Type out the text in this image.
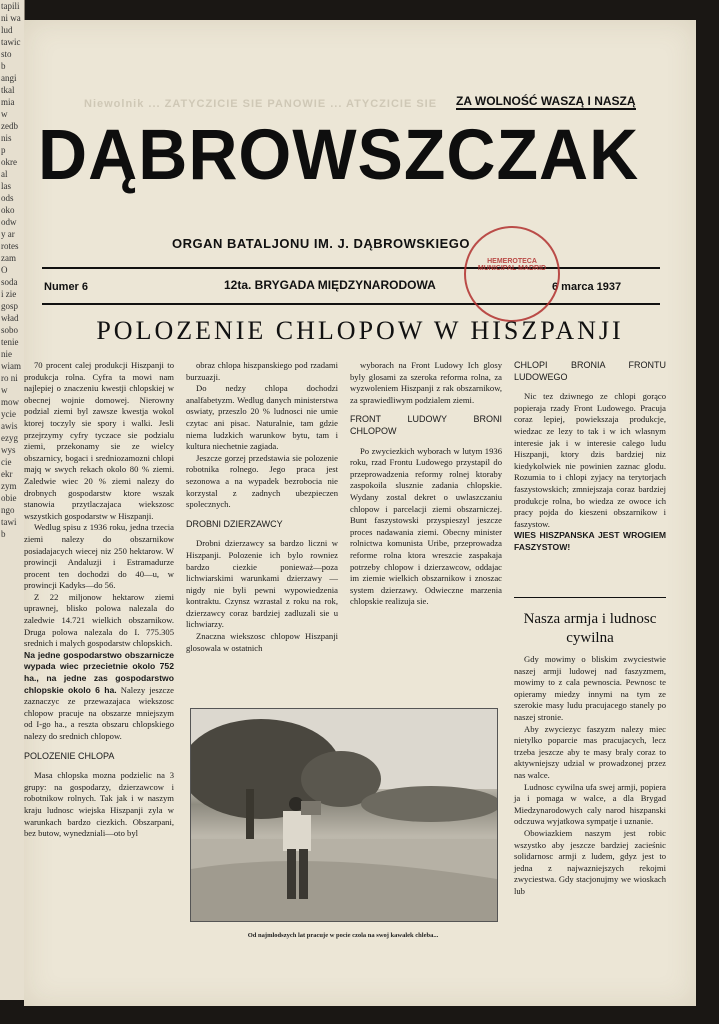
tapili
ni wa
lud
tawic
sto
b
angi
tkal
mia
w
zedb
nis
p
okre
al
las
ods
oko
odw
y ar
rotes
zam
O
soda
i zie
gosp
wład
sobo
tenie
nie
wiam
ro ni
w
mow
ycie
awis
ezyg
wys
cie
ekr
zym
obie
ngo
tawi
b
Niewolnik ... ZATYCZICIE SIE PANOWIE ... ATYCZICIE SIE ZA WOLNOŚĆ WASZĄ I NASZĄ
DĄBROWSZCZAK
ORGAN BATALJONU IM. J. DĄBROWSKIEGO
Numer 6	12ta. BRYGADA MIĘDZYNARODOWA	6 marca 1937
HEMEROTECA MUNICIPAL MADRID
POLOZENIE CHLOPOW W HISZPANJI

70 procent calej produkcji Hiszpanji to produkcja rolna. Cyfra ta mowi nam najlepiej o znaczeniu kwestji chlopskiej w obecnej wojnie domowej. Nierowny podzial ziemi byl zawsze kwestja wokol ktorej toczyly sie spory i walki. Jesli przejrzymy cyfry tyczace sie podzialu ziemi, przekonamy sie ze wielcy obszarnicy, bogaci i sredniozamozni chlopi majq w swych rekach okolo 80 % ziemi. Zaledwie wiec 20 % ziemi nalezy do drobnych gospodarstw ktore wszak stanowia przytlaczajaca wiekszosc wszystkich gospodarstw w Hiszpanji.

Wedlug spisu z 1936 roku, jedna trzecia ziemi nalezy do obszarnikow posiadajacych wiecej niz 250 hektarow. W prowincji Andaluzji i Estramadurze procent ten dochodzi do 40—u, w prowincji Kadyks—do 56.

Z 22 miljonow hektarow ziemi uprawnej, blisko polowa nalezala do zaledwie 14.721 wielkich obszarnikow. Druga polowa nalezala do I. 775.305 srednich i malych gospodarstw chlopskich.

Na jedne gospodarstwo obszarnicze wypada wiec przecietnie okolo 752 ha., na jedne zas gospodarstwo chlopskie okolo 6 ha. Nalezy jeszcze zaznaczyc ze przewazajaca wiekszosc chlopow pracuje na obszarze mniejszym od I-go ha., a reszta obszaru chlopskiego nalezy do srednich chlopow.

POLOZENIE CHLOPA

Masa chlopska mozna podzielic na 3 grupy: na gospodarzy, dzierzawcow i robotnikow rolnych. Tak jak i w naszym kraju ludnosc wiejska Hiszpanji zyla w warunkach bardzo ciezkich. Obszarpani, bez butow, wynedzniali—oto byl

obraz chlopa hiszpanskiego pod rzadami burzuazji.

Do nedzy chlopa dochodzi analfabetyzm. Wedlug danych ministerstwa oswiaty, przeszlo 20 % ludnosci nie umie czytac ani pisac. Naturalnie, tam gdzie niema ludzkich warunkow bytu, tam i kultura niechetnie zagiada.

Jeszcze gorzej przedstawia sie polozenie robotnika rolnego. Jego praca jest sezonowa a na wypadek bezrobocia nie korzystal z zadnych ubezpieczen spolecznych.

DROBNI DZIERZAWCY

Drobni dzierzawcy sa bardzo liczni w Hiszpanji. Polozenie ich bylo rowniez bardzo ciezkie ponieważ—poza lichwiarskimi warunkami dzierzawy — nigdy nie byli pewni wypowiedzenia kontraktu. Czynsz wzrastal z roku na rok, dzierzawcy coraz bardziej zadluzali sie u lichwiarzy.

Znaczna wiekszosc chlopow Hiszpanji glosowala w ostatnich

wyborach na Front Ludowy Ich glosy byly glosami za szeroka reforma rolna, za wyzwoleniem Hiszpanji z rak obszarnikow, za sprawiedliwym podzialem ziemi.

FRONT LUDOWY BRONI CHLOPOW

Po zwyciezkich wyborach w lutym 1936 roku, rzad Frontu Ludowego przystapil do przeprowadzenia reformy rolnej ktoraby zaspokoila slusznie zadania chlopskie. Wydany zostal dekret o uwlaszczaniu chlopow i parcelacji ziemi obszarniczej. Bunt faszystowski przyspieszyl jeszcze proces nadawania ziemi. Obecny minister rolnictwa komunista Uribe, przeprowadza reforme rolna ktora wreszcie zaspakaja potrzeby chlopow i dzierzawcow, oddajac im ziemie wielkich obszarnikow i znoszac system dzierzawy. Odwieczne marzenia chlopskie realizuja sie.

CHLOPI BRONIA FRONTU LUDOWEGO

Nic tez dziwnego ze chlopi gorąco popieraja rzady Front Ludowego. Pracuja coraz lepiej, powiekszaja produkcje, wiedzac ze lezy to tak i w ich wlasnym interesie jak i w interesie calego ludu Hiszpanji, ktory dzis bardziej niz kiedykolwiek nie powinien zaznac glodu. Rozumia to i chlopi zyjacy na terytorjach faszystowskich; zmniejszaja coraz bardziej produkcje rolna, bo wiedza ze owoce ich pracy pojda do kieszeni obszarnikow i faszystow.

WIES HISZPANSKA JEST WROGIEM FASZYSTOW!

Nasza armja i ludnosc cywilna

Gdy mowimy o bliskim zwyciestwie naszej armji ludowej nad faszyzmem, mowimy to z cala pewnoscia. Pewnosc te opieramy miedzy innymi na tym ze szerokie masy ludu pracujacego stanely po naszej stronie.

Aby zwyciezyc faszyzm nalezy miec nietylko poparcie mas pracujacych, lecz trzeba jeszcze aby te masy braly coraz to aktywniejszy udzial w prowadzonej przez nas walce.

Ludnosc cywilna ufa swej armji, popiera ja i pomaga w walce, a dla Brygad Miedzynarodowych caly narod hiszpanski odczuwa wyjatkowa sympatje i uznanie.

Obowiazkiem naszym jest robic wszystko aby jeszcze bardziej zacieśnic solidarnosc armji z ludem, gdyz jest to jedna z najwazniejszych rekojmi zwyciestwa. Gdy stacjonujmy we wioskach lub

Od najmlodszych lat pracuje w pocie czola na swoj kawalek chleba...
